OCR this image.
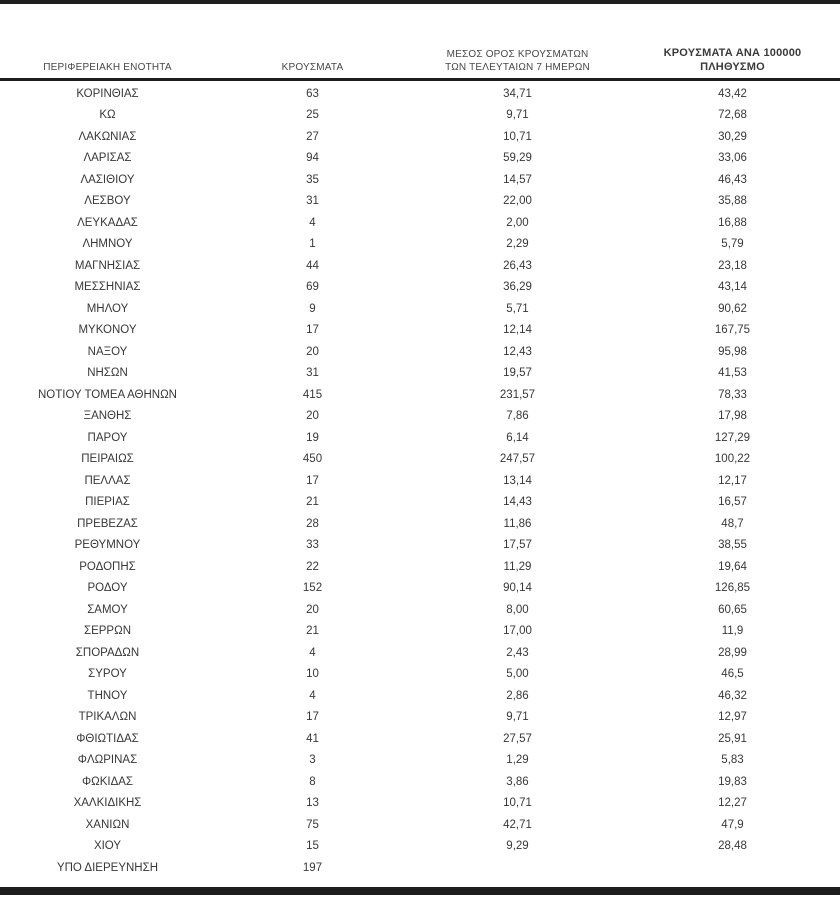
ΠΕΡΙΦΕΡΕΙΑΚΗ ΕΝΟΤΗΤΑ	ΚΡΟΥΣΜΑΤΑ	ΜΕΣΟΣ ΟΡΟΣ ΚΡΟΥΣΜΑΤΩΝ
ΤΩΝ ΤΕΛΕΥΤΑΙΩΝ 7 ΗΜΕΡΩΝ	ΚΡΟΥΣΜΑΤΑ ΑΝΑ 100000
ΠΛΗΘΥΣΜΟ

ΚΟΡΙΝΘΙΑΣ	63	34,71	43,42
ΚΩ	25	9,71	72,68
ΛΑΚΩΝΙΑΣ	27	10,71	30,29
ΛΑΡΙΣΑΣ	94	59,29	33,06
ΛΑΣΙΘΙΟΥ	35	14,57	46,43
ΛΕΣΒΟΥ	31	22,00	35,88
ΛΕΥΚΑΔΑΣ	4	2,00	16,88
ΛΗΜΝΟΥ	1	2,29	5,79
ΜΑΓΝΗΣΙΑΣ	44	26,43	23,18
ΜΕΣΣΗΝΙΑΣ	69	36,29	43,14
ΜΗΛΟΥ	9	5,71	90,62
ΜΥΚΟΝΟΥ	17	12,14	167,75
ΝΑΞΟΥ	20	12,43	95,98
ΝΗΣΩΝ	31	19,57	41,53
ΝΟΤΙΟΥ ΤΟΜΕΑ ΑΘΗΝΩΝ	415	231,57	78,33
ΞΑΝΘΗΣ	20	7,86	17,98
ΠΑΡΟΥ	19	6,14	127,29
ΠΕΙΡΑΙΩΣ	450	247,57	100,22
ΠΕΛΛΑΣ	17	13,14	12,17
ΠΙΕΡΙΑΣ	21	14,43	16,57
ΠΡΕΒΕΖΑΣ	28	11,86	48,7
ΡΕΘΥΜΝΟΥ	33	17,57	38,55
ΡΟΔΟΠΗΣ	22	11,29	19,64
ΡΟΔΟΥ	152	90,14	126,85
ΣΑΜΟΥ	20	8,00	60,65
ΣΕΡΡΩΝ	21	17,00	11,9
ΣΠΟΡΑΔΩΝ	4	2,43	28,99
ΣΥΡΟΥ	10	5,00	46,5
ΤΗΝΟΥ	4	2,86	46,32
ΤΡΙΚΑΛΩΝ	17	9,71	12,97
ΦΘΙΩΤΙΔΑΣ	41	27,57	25,91
ΦΛΩΡΙΝΑΣ	3	1,29	5,83
ΦΩΚΙΔΑΣ	8	3,86	19,83
ΧΑΛΚΙΔΙΚΗΣ	13	10,71	12,27
ΧΑΝΙΩΝ	75	42,71	47,9
ΧΙΟΥ	15	9,29	28,48
ΥΠΟ ΔΙΕΡΕΥΝΗΣΗ	197		
